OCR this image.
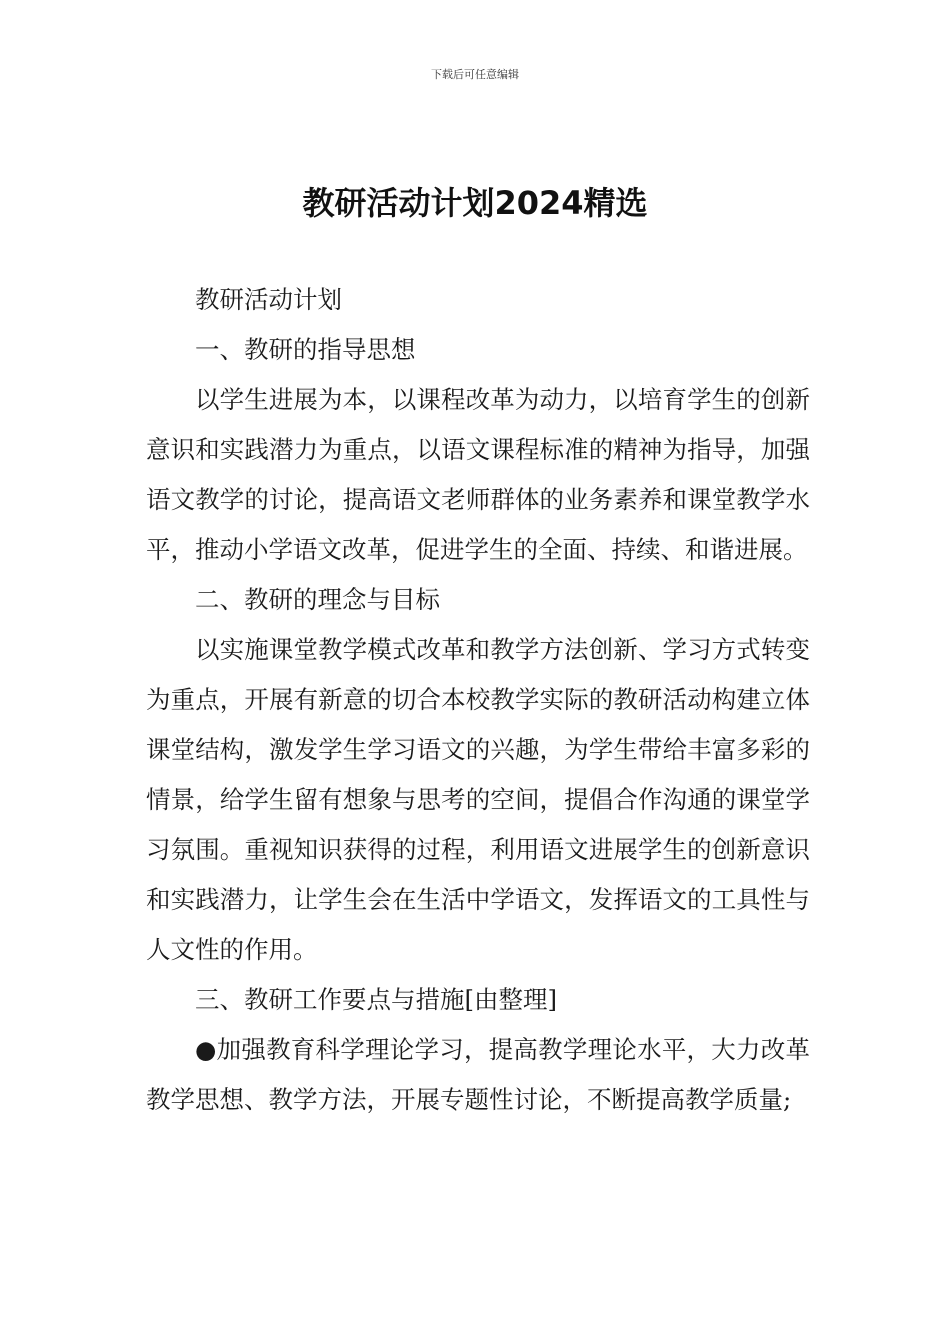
下载后可任意编辑
教研活动计划2024精选

教研活动计划

一、教研的指导思想

以学生进展为本，以课程改革为动力，以培育学生的创新意识和实践潜力为重点，以语文课程标准的精神为指导，加强语文教学的讨论，提高语文老师群体的业务素养和课堂教学水平，推动小学语文改革，促进学生的全面、持续、和谐进展。

二、教研的理念与目标

以实施课堂教学模式改革和教学方法创新、学习方式转变为重点，开展有新意的切合本校教学实际的教研活动构建立体课堂结构，激发学生学习语文的兴趣，为学生带给丰富多彩的情景，给学生留有想象与思考的空间，提倡合作沟通的课堂学习氛围。重视知识获得的过程，利用语文进展学生的创新意识和实践潜力，让学生会在生活中学语文，发挥语文的工具性与人文性的作用。

三、教研工作要点与措施[由整理]

●加强教育科学理论学习，提高教学理论水平，大力改革教学思想、教学方法，开展专题性讨论，不断提高教学质量;
